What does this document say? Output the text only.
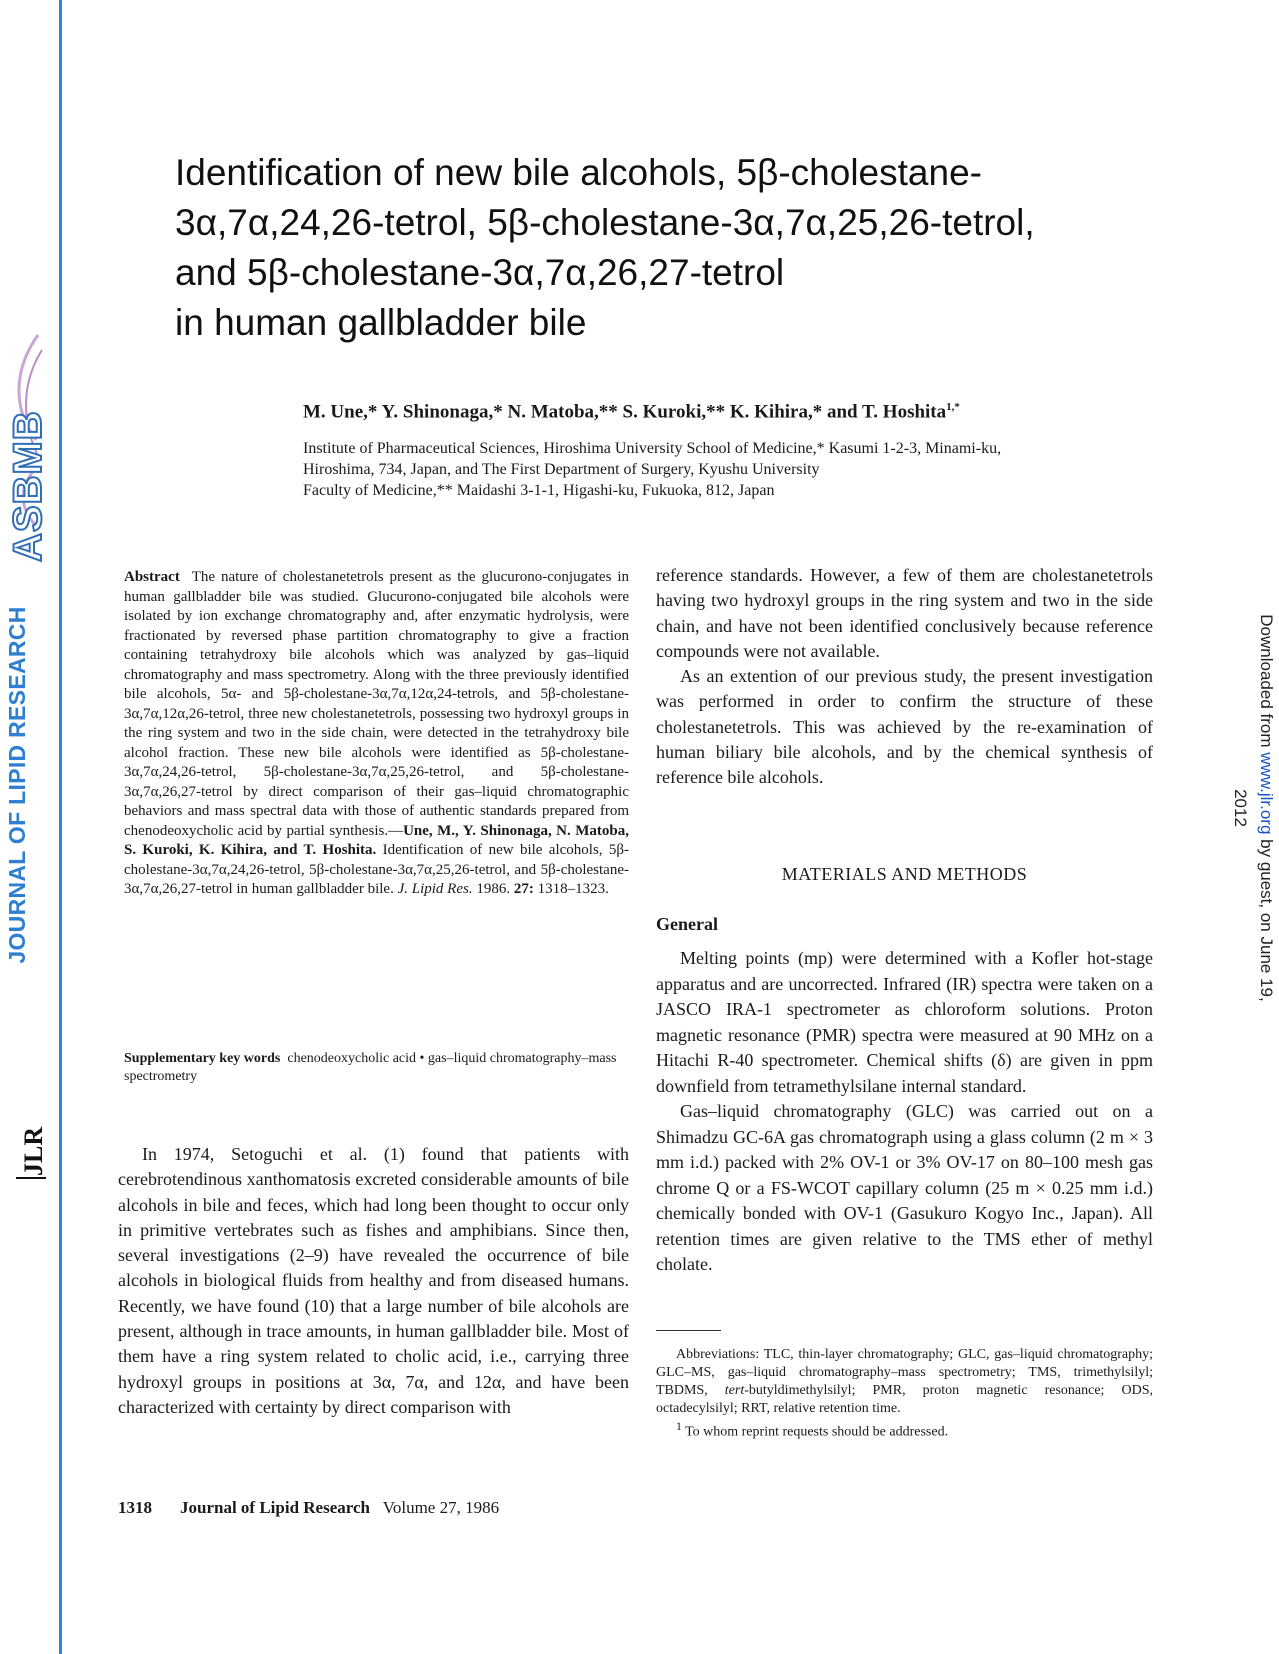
ASBMB
JOURNAL OF LIPID RESEARCH
JLR
Downloaded from www.jlr.org by guest, on June 19, 2012
Identification of new bile alcohols, 5β-cholestane-
3α,7α,24,26-tetrol, 5β-cholestane-3α,7α,25,26-tetrol,
and 5β-cholestane-3α,7α,26,27-tetrol
in human gallbladder bile
M. Une,* Y. Shinonaga,* N. Matoba,** S. Kuroki,** K. Kihira,* and T. Hoshita$^{1,*}$
Institute of Pharmaceutical Sciences, Hiroshima University School of Medicine,* Kasumi 1-2-3, Minami-ku,
Hiroshima, 734, Japan, and The First Department of Surgery, Kyushu University
Faculty of Medicine,** Maidashi 3-1-1, Higashi-ku, Fukuoka, 812, Japan
Abstract The nature of cholestanetetrols present as the glucurono-conjugates in human gallbladder bile was studied. Glucurono-conjugated bile alcohols were isolated by ion exchange chromatography and, after enzymatic hydrolysis, were fractionated by reversed phase partition chromatography to give a fraction containing tetrahydroxy bile alcohols which was analyzed by gas–liquid chromatography and mass spectrometry. Along with the three previously identified bile alcohols, 5α- and 5β-cholestane-3α,7α,12α,24-tetrols, and 5β-cholestane-3α,7α,12α,26-tetrol, three new cholestanetetrols, possessing two hydroxyl groups in the ring system and two in the side chain, were detected in the tetrahydroxy bile alcohol fraction. These new bile alcohols were identified as 5β-cholestane-3α,7α,24,26-tetrol, 5β-cholestane-3α,7α,25,26-tetrol, and 5β-cholestane-3α,7α,26,27-tetrol by direct comparison of their gas–liquid chromatographic behaviors and mass spectral data with those of authentic standards prepared from chenodeoxycholic acid by partial synthesis.—Une, M., Y. Shinonaga, N. Matoba, S. Kuroki, K. Kihira, and T. Hoshita. Identification of new bile alcohols, 5β-cholestane-3α,7α,24,26-tetrol, 5β-cholestane-3α,7α,25,26-tetrol, and 5β-cholestane-3α,7α,26,27-tetrol in human gallbladder bile. J. Lipid Res. 1986. 27: 1318–1323.
Supplementary key words chenodeoxycholic acid • gas–liquid chromatography–mass spectrometry

In 1974, Setoguchi et al. (1) found that patients with cerebrotendinous xanthomatosis excreted considerable amounts of bile alcohols in bile and feces, which had long been thought to occur only in primitive vertebrates such as fishes and amphibians. Since then, several investigations (2–9) have revealed the occurrence of bile alcohols in biological fluids from healthy and from diseased humans. Recently, we have found (10) that a large number of bile alcohols are present, although in trace amounts, in human gallbladder bile. Most of them have a ring system related to cholic acid, i.e., carrying three hydroxyl groups in positions at 3α, 7α, and 12α, and have been characterized with certainty by direct comparison with

reference standards. However, a few of them are cholestanetetrols having two hydroxyl groups in the ring system and two in the side chain, and have not been identified conclusively because reference compounds were not available.

As an extention of our previous study, the present investigation was performed in order to confirm the structure of these cholestanetetrols. This was achieved by the re-examination of human biliary bile alcohols, and by the chemical synthesis of reference bile alcohols.

MATERIALS AND METHODS
General

Melting points (mp) were determined with a Kofler hot-stage apparatus and are uncorrected. Infrared (IR) spectra were taken on a JASCO IRA-1 spectrometer as chloroform solutions. Proton magnetic resonance (PMR) spectra were measured at 90 MHz on a Hitachi R-40 spectrometer. Chemical shifts (δ) are given in ppm downfield from tetramethylsilane internal standard.

Gas–liquid chromatography (GLC) was carried out on a Shimadzu GC-6A gas chromatograph using a glass column (2 m × 3 mm i.d.) packed with 2% OV-1 or 3% OV-17 on 80–100 mesh gas chrome Q or a FS-WCOT capillary column (25 m × 0.25 mm i.d.) chemically bonded with OV-1 (Gasukuro Kogyo Inc., Japan). All retention times are given relative to the TMS ether of methyl cholate.

Abbreviations: TLC, thin-layer chromatography; GLC, gas–liquid chromatography; GLC–MS, gas–liquid chromatography–mass spectrometry; TMS, trimethylsilyl; TBDMS, tert-butyldimethylsilyl; PMR, proton magnetic resonance; ODS, octadecylsilyl; RRT, relative retention time.

$^1$ To whom reprint requests should be addressed.

1318 Journal of Lipid Research Volume 27, 1986
